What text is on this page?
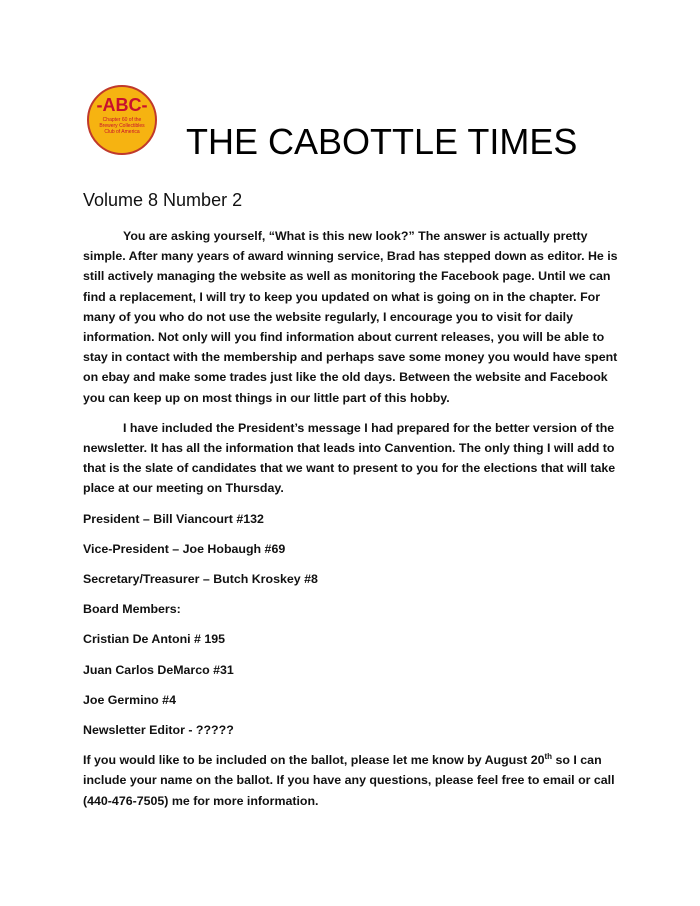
-ABC-
Chapter 60 of the Brewery Collectibles Club of America THE CABOTTLE TIMES
Volume 8 Number 2

You are asking yourself, “What is this new look?” The answer is actually pretty simple. After many years of award winning service, Brad has stepped down as editor. He is still actively managing the website as well as monitoring the Facebook page. Until we can find a replacement, I will try to keep you updated on what is going on in the chapter. For many of you who do not use the website regularly, I encourage you to visit for daily information. Not only will you find information about current releases, you will be able to stay in contact with the membership and perhaps save some money you would have spent on ebay and make some trades just like the old days. Between the website and Facebook you can keep up on most things in our little part of this hobby.

I have included the President’s message I had prepared for the better version of the newsletter. It has all the information that leads into Canvention. The only thing I will add to that is the slate of candidates that we want to present to you for the elections that will take place at our meeting on Thursday.

President – Bill Viancourt #132

Vice-President – Joe Hobaugh #69

Secretary/Treasurer – Butch Kroskey #8

Board Members:

Cristian De Antoni # 195

Juan Carlos DeMarco #31

Joe Germino #4

Newsletter Editor - ?????

If you would like to be included on the ballot, please let me know by August 20th so I can include your name on the ballot. If you have any questions, please feel free to email or call (440-476-7505) me for more information.
